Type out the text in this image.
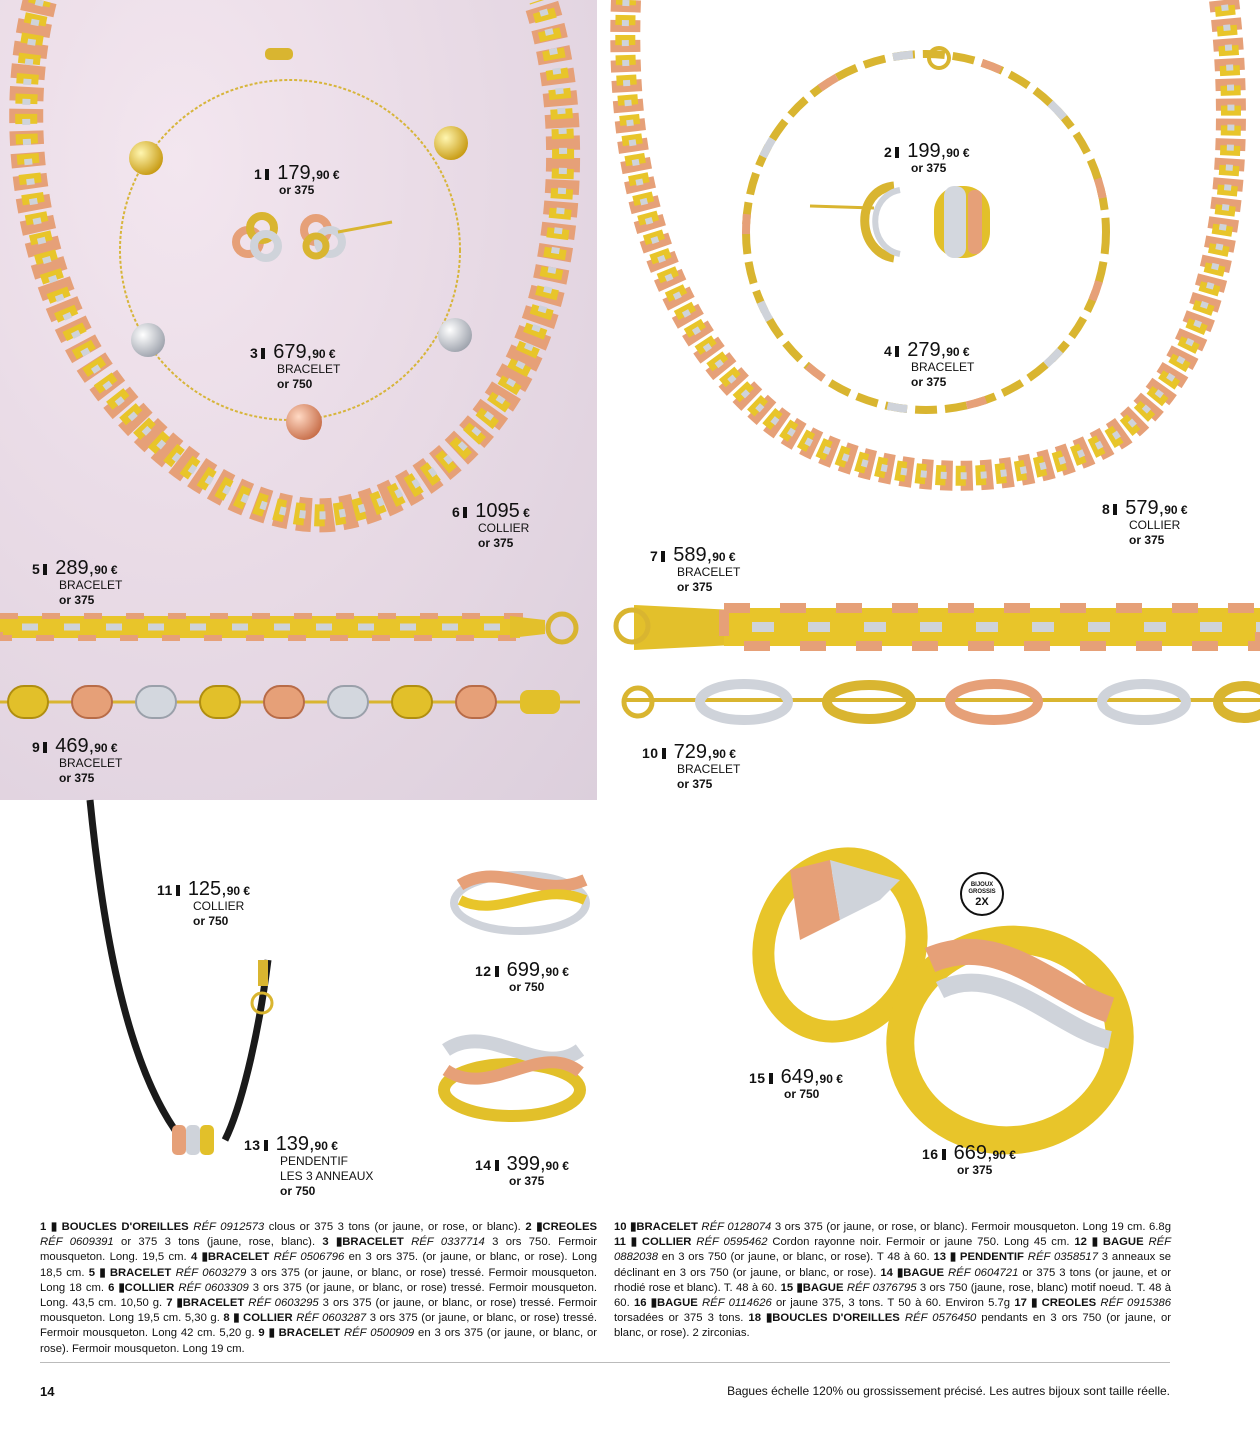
1 179,90 €
or 375
2 199,90 €
or 375
3 679,90 €
BRACELET
or 750
4 279,90 €
BRACELET
or 375
5 289,90 €
BRACELET
or 375
6 1095 €
COLLIER
or 375
7 589,90 €
BRACELET
or 375
8 579,90 €
COLLIER
or 375
9 469,90 €
BRACELET
or 375
10 729,90 €
BRACELET
or 375
11 125,90 €
COLLIER
or 750
12 699,90 €
or 750
13 139,90 €
PENDENTIF
LES 3 ANNEAUX
or 750
14 399,90 €
or 375
15 649,90 €
or 750
16 669,90 €
or 375
BIJOUX GROSSIS
2X
1 ▮ BOUCLES D'OREILLES RÉF 0912573 clous or 375 3 tons (or jaune, or rose, or blanc). 2 ▮CREOLES RÉF 0609391 or 375 3 tons (jaune, rose, blanc). 3 ▮BRACELET RÉF 0337714 3 ors 750. Fermoir mousqueton. Long. 19,5 cm. 4 ▮BRACELET RÉF 0506796 en 3 ors 375. (or jaune, or blanc, or rose). Long 18,5 cm. 5 ▮ BRACELET RÉF 0603279 3 ors 375 (or jaune, or blanc, or rose) tressé. Fermoir mousqueton. Long 18 cm. 6 ▮COLLIER RÉF 0603309 3 ors 375 (or jaune, or blanc, or rose) tressé. Fermoir mousqueton. Long. 43,5 cm. 10,50 g. 7 ▮BRACELET RÉF 0603295 3 ors 375 (or jaune, or blanc, or rose) tressé. Fermoir mousqueton. Long 19,5 cm. 5,30 g. 8 ▮ COLLIER RÉF 0603287 3 ors 375 (or jaune, or blanc, or rose) tressé. Fermoir mousqueton. Long 42 cm. 5,20 g. 9 ▮ BRACELET RÉF 0500909 en 3 ors 375 (or jaune, or blanc, or rose). Fermoir mousqueton. Long 19 cm.
10 ▮BRACELET RÉF 0128074 3 ors 375 (or jaune, or rose, or blanc). Fermoir mousqueton. Long 19 cm. 6.8g 11 ▮ COLLIER RÉF 0595462 Cordon rayonne noir. Fermoir or jaune 750. Long 45 cm. 12 ▮ BAGUE RÉF 0882038 en 3 ors 750 (or jaune, or blanc, or rose). T 48 à 60. 13 ▮ PENDENTIF RÉF 0358517 3 anneaux se déclinant en 3 ors 750 (or jaune, or blanc, or rose). 14 ▮BAGUE RÉF 0604721 or 375 3 tons (or jaune, et or rhodié rose et blanc). T. 48 à 60. 15 ▮BAGUE RÉF 0376795 3 ors 750 (jaune, rose, blanc) motif noeud. T. 48 à 60. 16 ▮BAGUE RÉF 0114626 or jaune 375, 3 tons. T 50 à 60. Environ 5.7g 17 ▮ CREOLES RÉF 0915386 torsadées or 375 3 tons. 18 ▮BOUCLES D'OREILLES RÉF 0576450 pendants en 3 ors 750 (or jaune, or blanc, or rose). 2 zirconias.
14	Bagues échelle 120% ou grossissement précisé. Les autres bijoux sont taille réelle.
